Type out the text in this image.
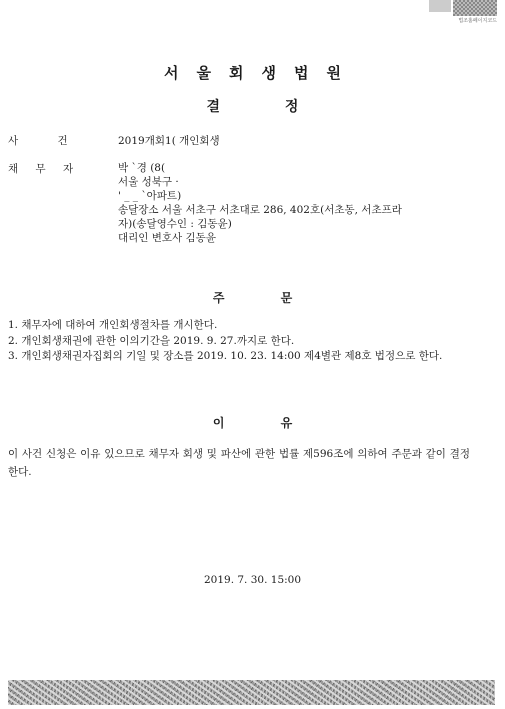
법조홈페이지코드
서울회생법원
결 정
사 건	2019개회1( 개인회생
채 무 자	박 `경 (8(
서울 성북구 ·
' _ _ `아파트)
송달장소 서울 서초구 서초대로 286, 402호(서초동, 서초프라
자)(송달영수인 : 김동윤)
대리인 변호사 김동윤
주 문
1. 채무자에 대하여 개인회생절차를 개시한다.
2. 개인회생채권에 관한 이의기간을 2019. 9. 27.까지로 한다.
3. 개인회생채권자집회의 기일 및 장소를 2019. 10. 23. 14:00 제4별관 제8호 법정으로 한다.
이 유
이 사건 신청은 이유 있으므로 채무자 회생 및 파산에 관한 법률 제596조에 의하여 주문과 같이 결정한다.
2019. 7. 30. 15:00
